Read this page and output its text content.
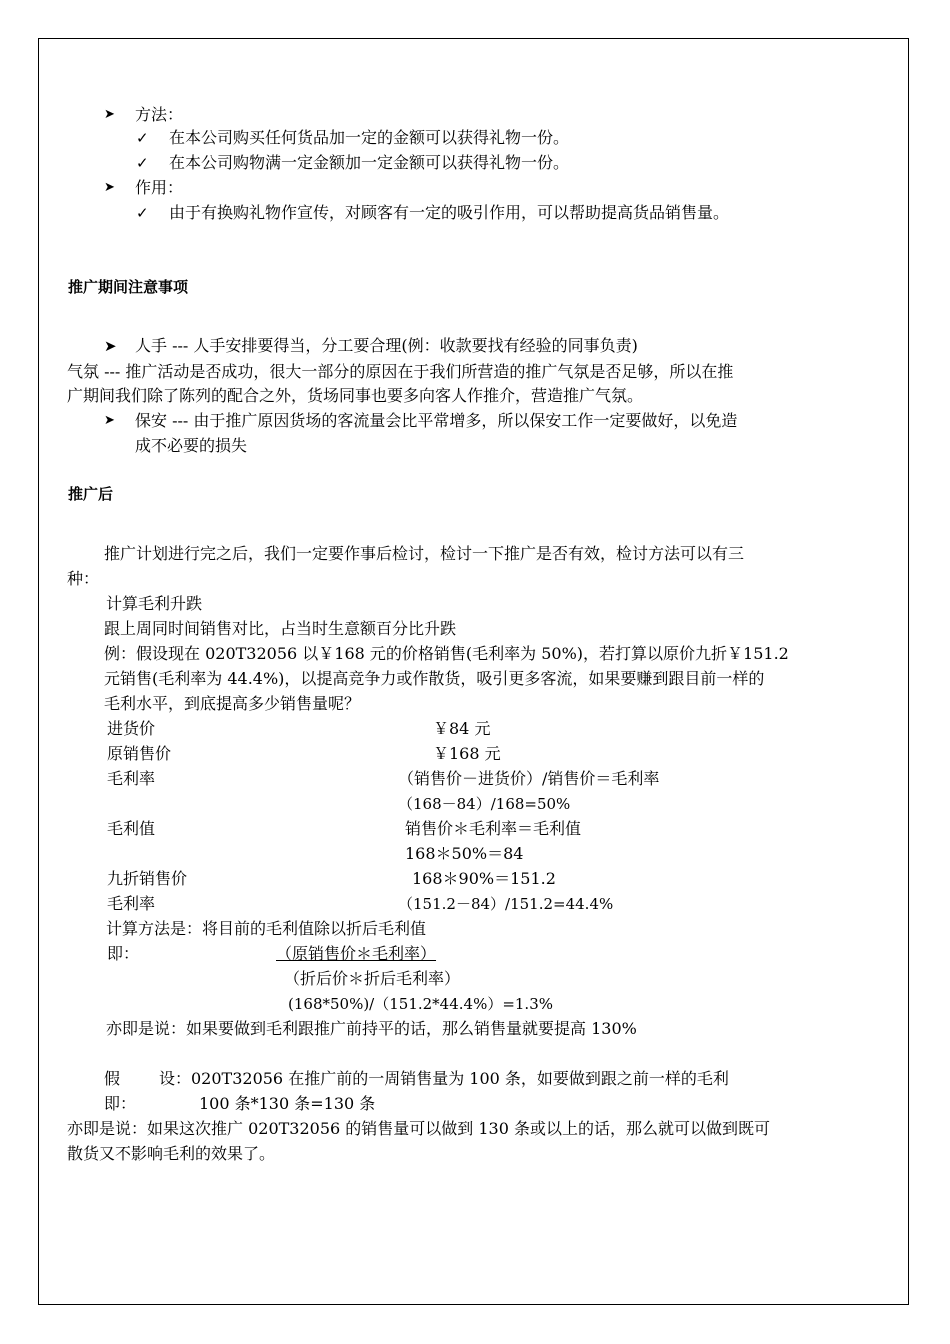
➤ 方法：
✓ 在本公司购买任何货品加一定的金额可以获得礼物一份。
✓ 在本公司购物满一定金额加一定金额可以获得礼物一份。
➤ 作用：
✓ 由于有换购礼物作宣传，对顾客有一定的吸引作用，可以帮助提高货品销售量。
推广期间注意事项
➤ 人手 --- 人手安排要得当，分工要合理(例：收款要找有经验的同事负责)
气氛 --- 推广活动是否成功，很大一部分的原因在于我们所营造的推广气氛是否足够，所以在推
广期间我们除了陈列的配合之外，货场同事也要多向客人作推介，营造推广气氛。
➤ 保安 --- 由于推广原因货场的客流量会比平常增多，所以保安工作一定要做好，以免造
成不必要的损失
推广后
推广计划进行完之后，我们一定要作事后检讨，检讨一下推广是否有效，检讨方法可以有三
种：
计算毛利升跌
跟上周同时间销售对比，占当时生意额百分比升跌
例：假设现在 020T32056 以￥168 元的价格销售(毛利率为 50%)，若打算以原价九折￥151.2
元销售(毛利率为 44.4%)，以提高竞争力或作散货，吸引更多客流，如果要赚到跟目前一样的
毛利水平，到底提高多少销售量呢？
进货价	￥84 元
原销售价	￥168 元
毛利率	（销售价－进货价）/销售价＝毛利率
（168－84）/168=50%
毛利值	销售价＊毛利率＝毛利值
168＊50%＝84
九折销售价	168＊90%＝151.2
毛利率	（151.2－84）/151.2=44.4%
计算方法是：将目前的毛利值除以折后毛利值
即：	（原销售价＊毛利率）
（折后价＊折后毛利率）
(168*50%)/（151.2*44.4%）=1.3%
亦即是说：如果要做到毛利跟推广前持平的话，那么销售量就要提高 130%
假 设：020T32056 在推广前的一周销售量为 100 条，如要做到跟之前一样的毛利
即：	100 条*130 条=130 条
亦即是说：如果这次推广 020T32056 的销售量可以做到 130 条或以上的话，那么就可以做到既可
散货又不影响毛利的效果了。
